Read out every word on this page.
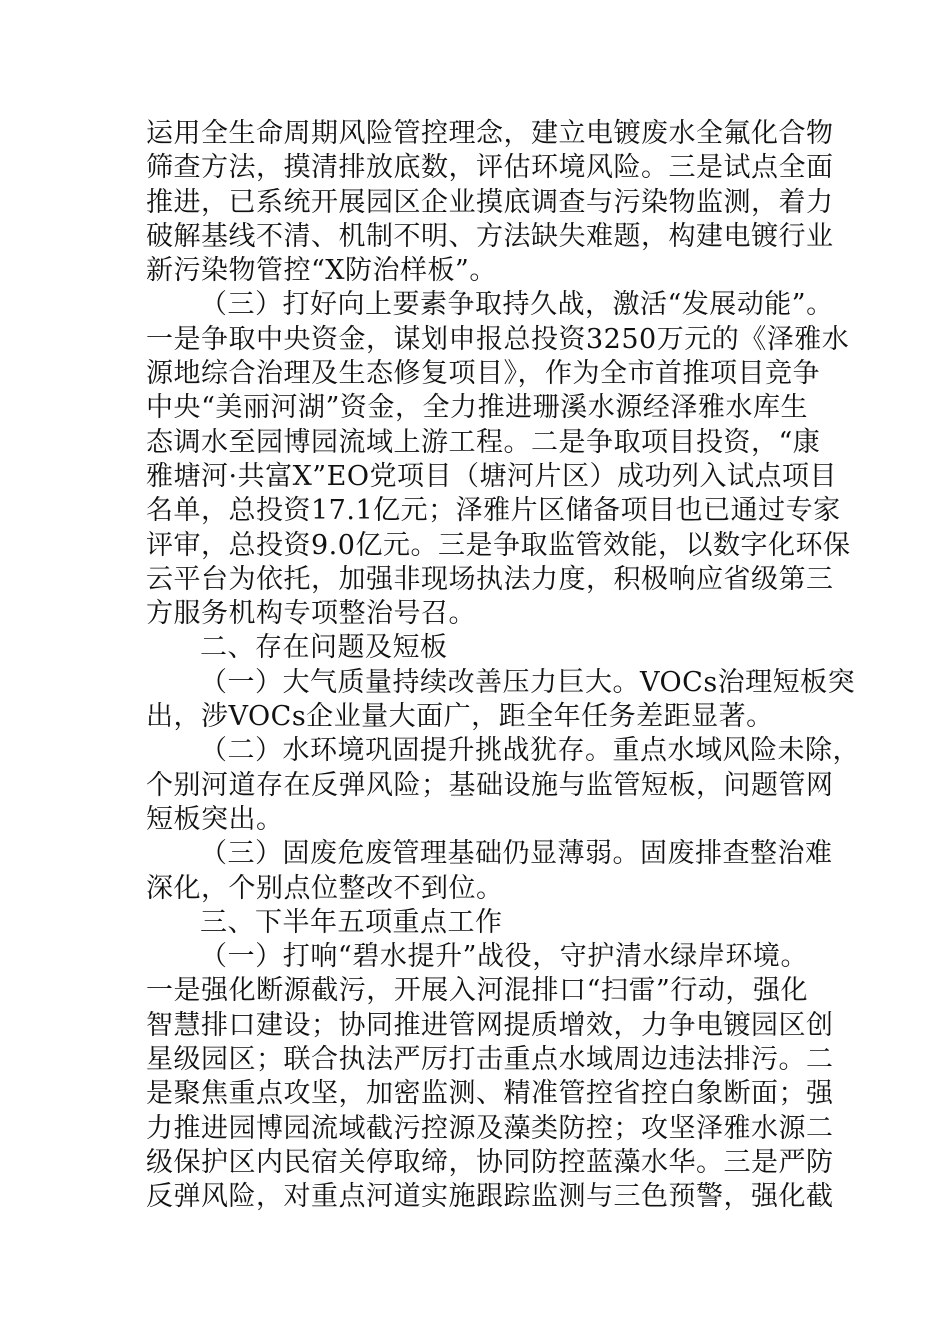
运用全生命周期风险管控理念，建立电镀废水全氟化合物
筛查方法，摸清排放底数，评估环境风险。三是试点全面
推进，已系统开展园区企业摸底调查与污染物监测，着力
破解基线不清、机制不明、方法缺失难题，构建电镀行业
新污染物管控“X防治样板”。
（三）打好向上要素争取持久战，激活“发展动能”。
一是争取中央资金，谋划申报总投资3250万元的《泽雅水
源地综合治理及生态修复项目》，作为全市首推项目竞争
中央“美丽河湖”资金，全力推进珊溪水源经泽雅水库生
态调水至园博园流域上游工程。二是争取项目投资，“康
雅塘河·共富X”EO党项目（塘河片区）成功列入试点项目
名单，总投资17.1亿元；泽雅片区储备项目也已通过专家
评审，总投资9.0亿元。三是争取监管效能，以数字化环保
云平台为依托，加强非现场执法力度，积极响应省级第三
方服务机构专项整治号召。
二、存在问题及短板
（一）大气质量持续改善压力巨大。VOCs治理短板突
出，涉VOCs企业量大面广，距全年任务差距显著。
（二）水环境巩固提升挑战犹存。重点水域风险未除，
个别河道存在反弹风险；基础设施与监管短板，问题管网
短板突出。
（三）固废危废管理基础仍显薄弱。固废排查整治难
深化，个别点位整改不到位。
三、下半年五项重点工作
（一）打响“碧水提升”战役，守护清水绿岸环境。
一是强化断源截污，开展入河混排口“扫雷”行动，强化
智慧排口建设；协同推进管网提质增效，力争电镀园区创
星级园区；联合执法严厉打击重点水域周边违法排污。二
是聚焦重点攻坚，加密监测、精准管控省控白象断面；强
力推进园博园流域截污控源及藻类防控；攻坚泽雅水源二
级保护区内民宿关停取缔，协同防控蓝藻水华。三是严防
反弹风险，对重点河道实施跟踪监测与三色预警，强化截
